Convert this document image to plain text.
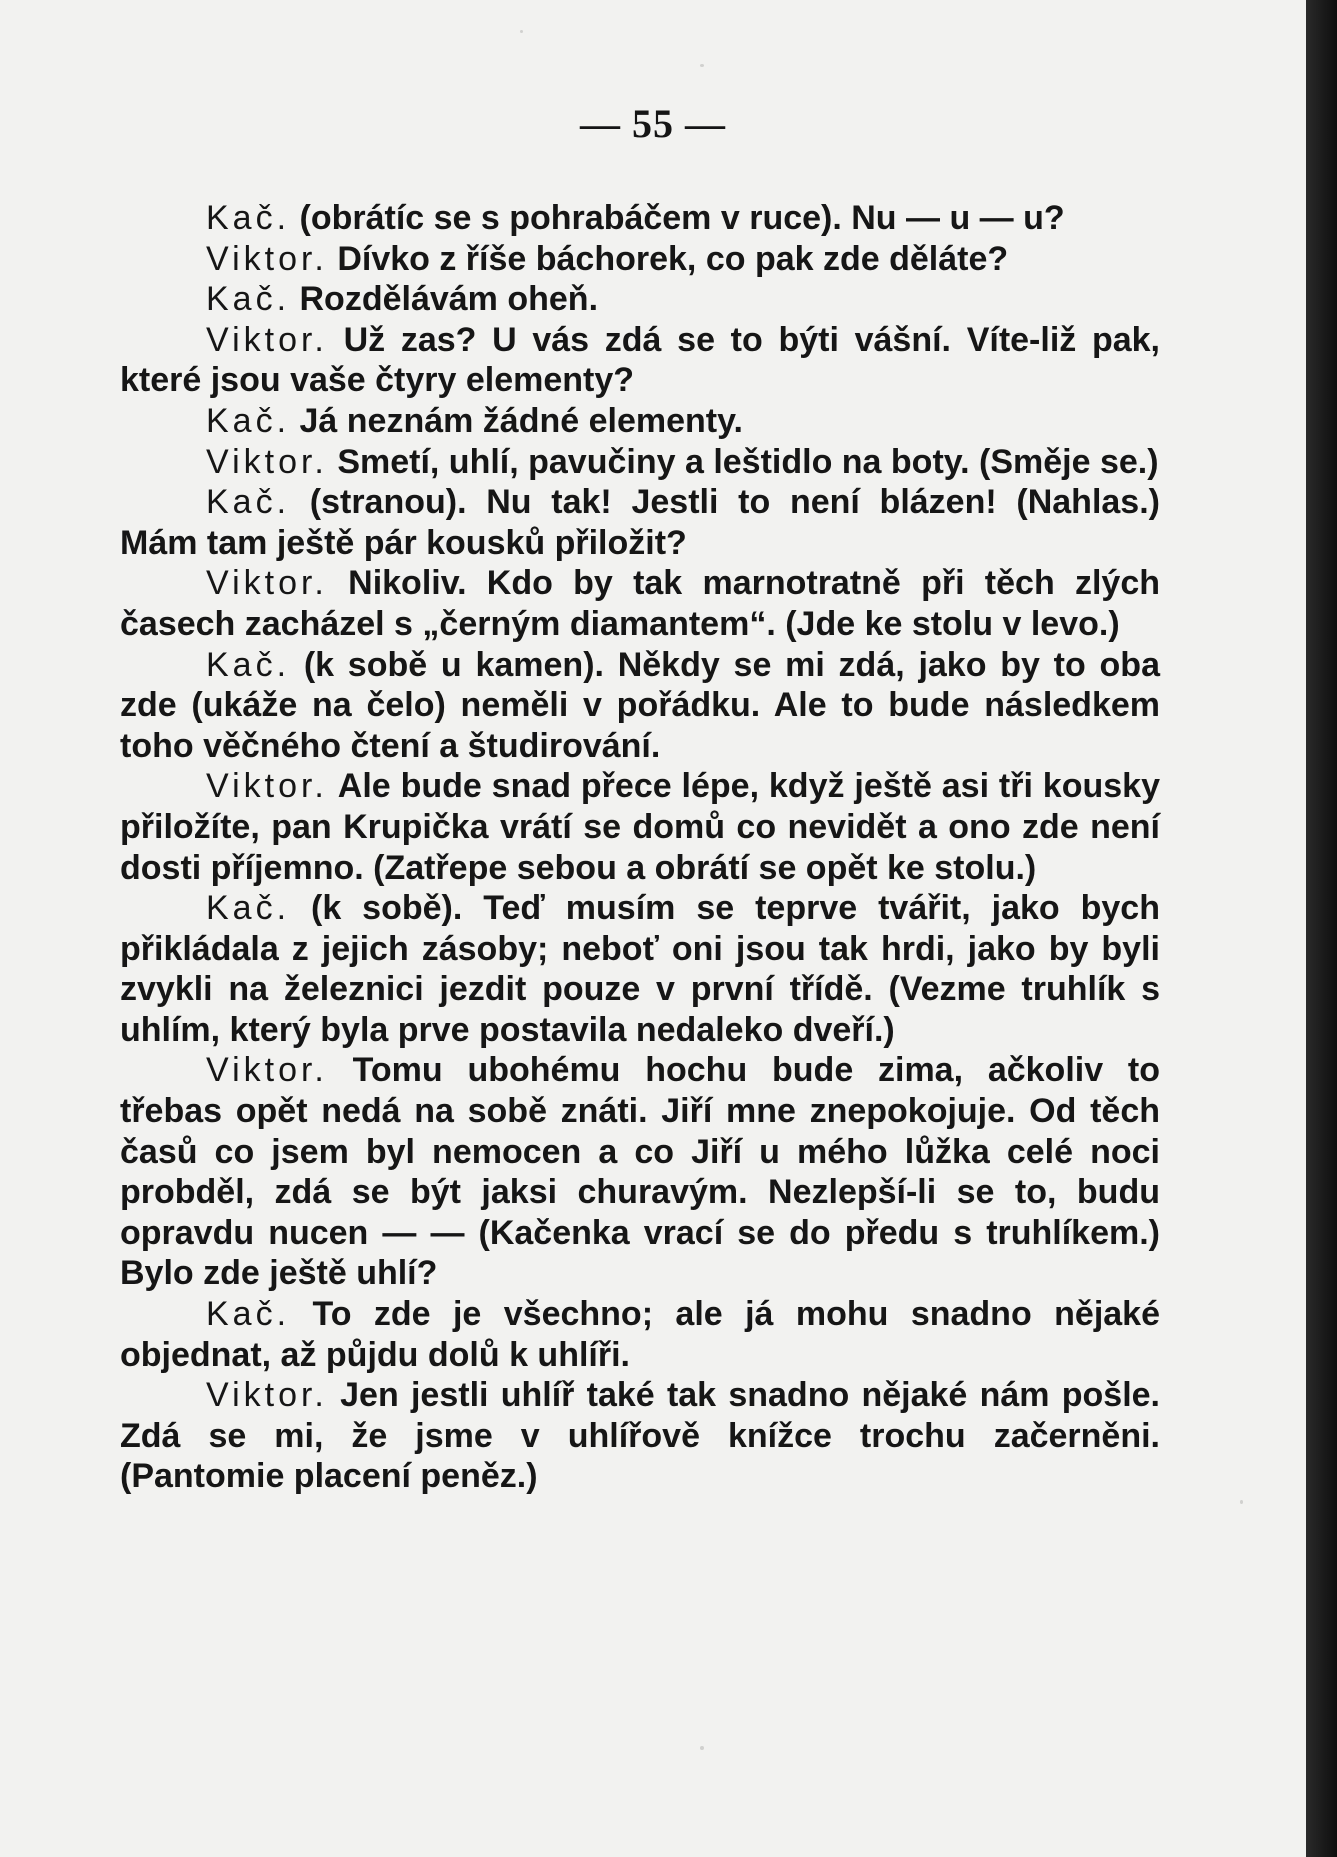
— 55 —

Kač. (obrátíc se s pohrabáčem v ruce). Nu — u — u?

Viktor. Dívko z říše báchorek, co pak zde děláte?

Kač. Rozdělávám oheň.

Viktor. Už zas? U vás zdá se to býti vášní. Víte-liž pak, které jsou vaše čtyry elementy?

Kač. Já neznám žádné elementy.

Viktor. Smetí, uhlí, pavučiny a leštidlo na boty. (Směje se.)

Kač. (stranou). Nu tak! Jestli to není blázen! (Nahlas.) Mám tam ještě pár kousků přiložit?

Viktor. Nikoliv. Kdo by tak marnotratně při těch zlých časech zacházel s „černým diamantem“. (Jde ke stolu v levo.)

Kač. (k sobě u kamen). Někdy se mi zdá, jako by to oba zde (ukáže na čelo) neměli v pořádku. Ale to bude následkem toho věčného čtení a študirování.

Viktor. Ale bude snad přece lépe, když ještě asi tři kousky přiložíte, pan Krupička vrátí se domů co nevidět a ono zde není dosti příjemno. (Zatřepe sebou a obrátí se opět ke stolu.)

Kač. (k sobě). Teď musím se teprve tvářit, jako bych přikládala z jejich zásoby; neboť oni jsou tak hrdi, jako by byli zvykli na železnici jezdit pouze v první třídě. (Vezme truhlík s uhlím, který byla prve postavila nedaleko dveří.)

Viktor. Tomu ubohému hochu bude zima, ačkoliv to třebas opět nedá na sobě znáti. Jiří mne znepokojuje. Od těch časů co jsem byl nemocen a co Jiří u mého lůžka celé noci probděl, zdá se být jaksi churavým. Nezlepší-li se to, budu opravdu nucen — — (Kačenka vrací se do předu s truhlíkem.) Bylo zde ještě uhlí?

Kač. To zde je všechno; ale já mohu snadno nějaké objednat, až půjdu dolů k uhlíři.

Viktor. Jen jestli uhlíř také tak snadno nějaké nám pošle. Zdá se mi, že jsme v uhlířově knížce trochu začerněni. (Pantomie placení peněz.)
